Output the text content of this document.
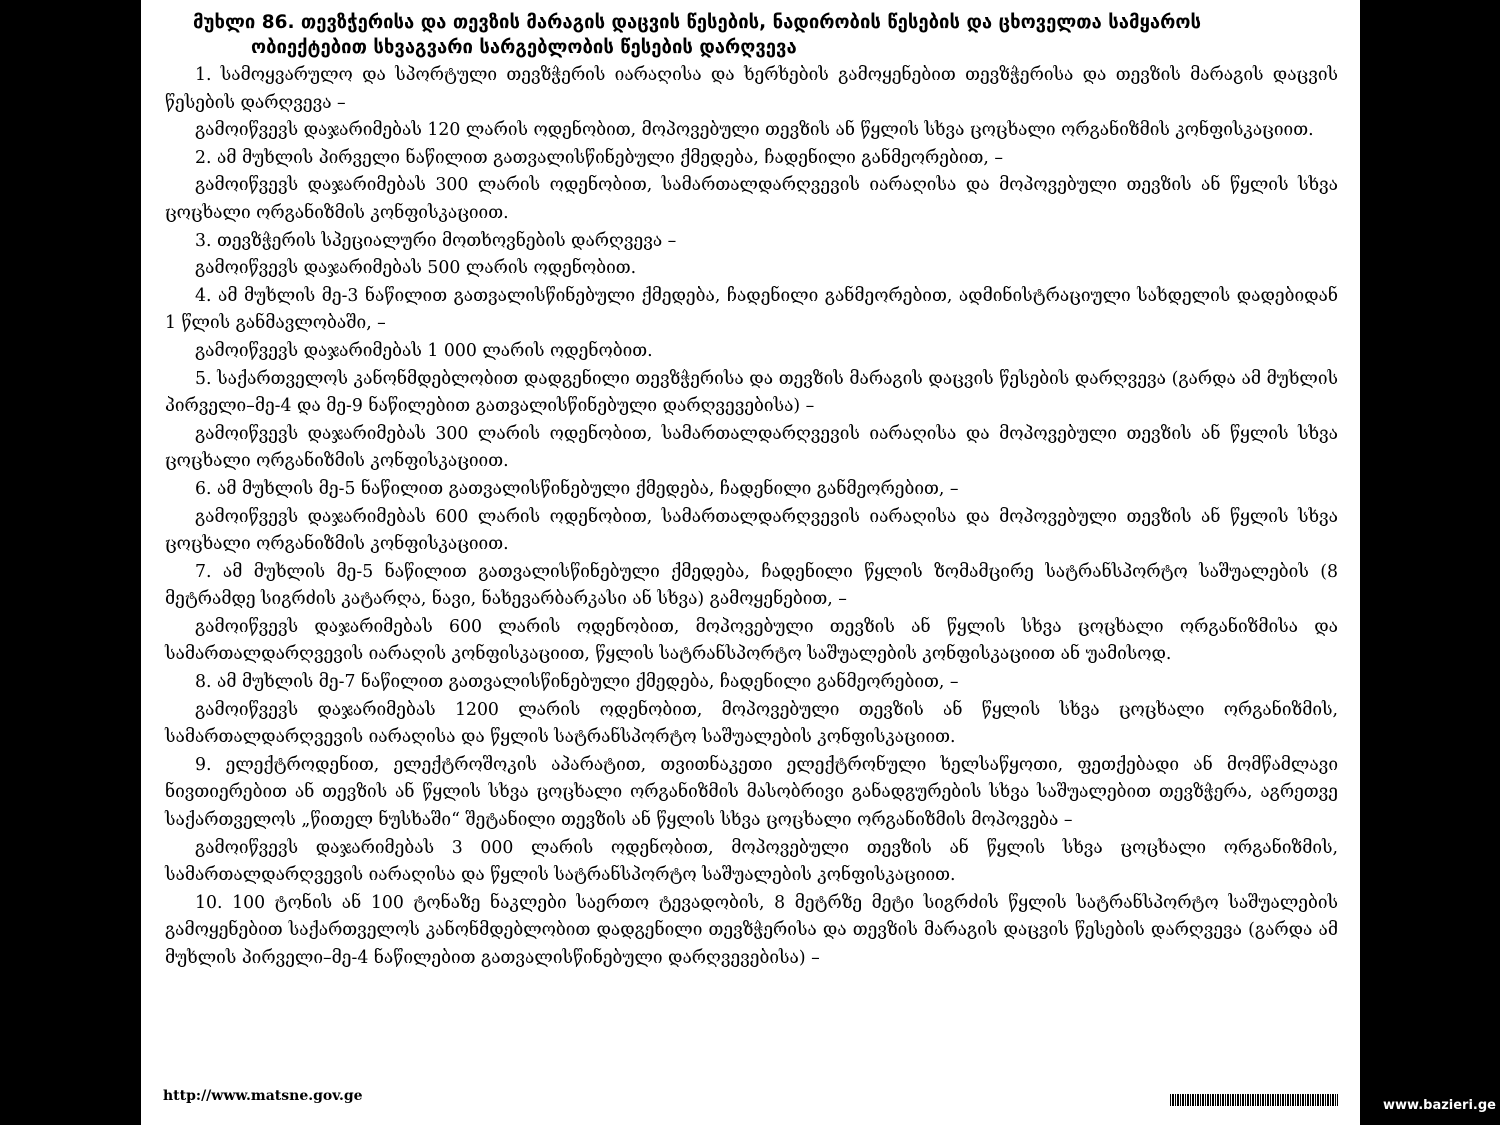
მუხლი 86. თევზჭერისა და თევზის მარაგის დაცვის წესების, ნადირობის წესების და ცხოველთა სამყაროს
ობიექტებით სხვაგვარი სარგებლობის წესების დარღვევა

1. სამოყვარულო და სპორტული თევზჭერის იარაღისა და ხერხების გამოყენებით თევზჭერისა და თევზის მარაგის დაცვის წესების დარღვევა –

გამოიწვევს დაჯარიმებას 120 ლარის ოდენობით, მოპოვებული თევზის ან წყლის სხვა ცოცხალი ორგანიზმის კონფისკაციით.

2. ამ მუხლის პირველი ნაწილით გათვალისწინებული ქმედება, ჩადენილი განმეორებით, –

გამოიწვევს დაჯარიმებას 300 ლარის ოდენობით, სამართალდარღვევის იარაღისა და მოპოვებული თევზის ან წყლის სხვა ცოცხალი ორგანიზმის კონფისკაციით.

3. თევზჭერის სპეციალური მოთხოვნების დარღვევა –

გამოიწვევს დაჯარიმებას 500 ლარის ოდენობით.

4. ამ მუხლის მე-3 ნაწილით გათვალისწინებული ქმედება, ჩადენილი განმეორებით, ადმინისტრაციული სახდელის დადებიდან 1 წლის განმავლობაში, –

გამოიწვევს დაჯარიმებას 1 000 ლარის ოდენობით.

5. საქართველოს კანონმდებლობით დადგენილი თევზჭერისა და თევზის მარაგის დაცვის წესების დარღვევა (გარდა ამ მუხლის პირველი–მე-4 და მე-9 ნაწილებით გათვალისწინებული დარღვევებისა) –

გამოიწვევს დაჯარიმებას 300 ლარის ოდენობით, სამართალდარღვევის იარაღისა და მოპოვებული თევზის ან წყლის სხვა ცოცხალი ორგანიზმის კონფისკაციით.

6. ამ მუხლის მე-5 ნაწილით გათვალისწინებული ქმედება, ჩადენილი განმეორებით, –

გამოიწვევს დაჯარიმებას 600 ლარის ოდენობით, სამართალდარღვევის იარაღისა და მოპოვებული თევზის ან წყლის სხვა ცოცხალი ორგანიზმის კონფისკაციით.

7. ამ მუხლის მე-5 ნაწილით გათვალისწინებული ქმედება, ჩადენილი წყლის ზომამცირე სატრანსპორტო საშუალების (8 მეტრამდე სიგრძის კატარღა, ნავი, ნახევარბარკასი ან სხვა) გამოყენებით, –

გამოიწვევს დაჯარიმებას 600 ლარის ოდენობით, მოპოვებული თევზის ან წყლის სხვა ცოცხალი ორგანიზმისა და სამართალდარღვევის იარაღის კონფისკაციით, წყლის სატრანსპორტო საშუალების კონფისკაციით ან უამისოდ.

8. ამ მუხლის მე-7 ნაწილით გათვალისწინებული ქმედება, ჩადენილი განმეორებით, –

გამოიწვევს დაჯარიმებას 1200 ლარის ოდენობით, მოპოვებული თევზის ან წყლის სხვა ცოცხალი ორგანიზმის, სამართალდარღვევის იარაღისა და წყლის სატრანსპორტო საშუალების კონფისკაციით.

9. ელექტროდენით, ელექტროშოკის აპარატით, თვითნაკეთი ელექტრონული ხელსაწყოთი, ფეთქებადი ან მომწამლავი ნივთიერებით ან თევზის ან წყლის სხვა ცოცხალი ორგანიზმის მასობრივი განადგურების სხვა საშუალებით თევზჭერა, აგრეთვე საქართველოს „წითელ ნუსხაში“ შეტანილი თევზის ან წყლის სხვა ცოცხალი ორგანიზმის მოპოვება –

გამოიწვევს დაჯარიმებას 3 000 ლარის ოდენობით, მოპოვებული თევზის ან წყლის სხვა ცოცხალი ორგანიზმის, სამართალდარღვევის იარაღისა და წყლის სატრანსპორტო საშუალების კონფისკაციით.

10. 100 ტონის ან 100 ტონაზე ნაკლები საერთო ტევადობის, 8 მეტრზე მეტი სიგრძის წყლის სატრანსპორტო საშუალების გამოყენებით საქართველოს კანონმდებლობით დადგენილი თევზჭერისა და თევზის მარაგის დაცვის წესების დარღვევა (გარდა ამ მუხლის პირველი–მე-4 ნაწილებით გათვალისწინებული დარღვევებისა) –

http://www.matsne.gov.ge
www.bazieri.ge
